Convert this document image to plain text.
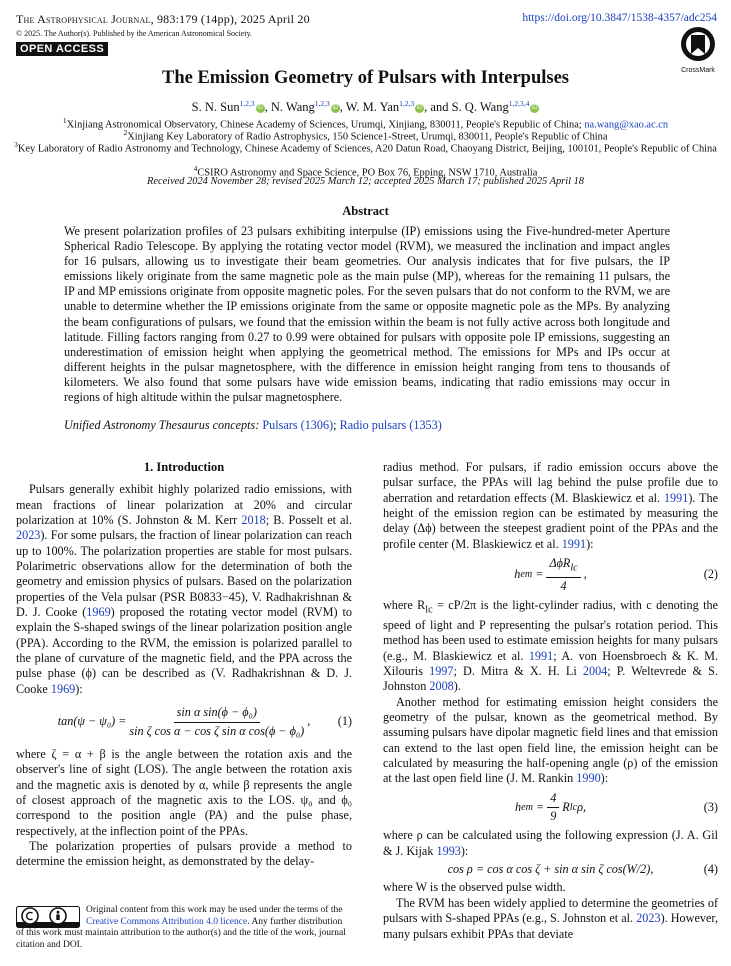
The Astrophysical Journal, 983:179 (14pp), 2025 April 20	https://doi.org/10.3847/1538-4357/adc254
© 2025. The Author(s). Published by the American Astronomical Society.
OPEN ACCESS
CrossMark
The Emission Geometry of Pulsars with Interpulses
S. N. Sun$^{1,2,3}$iD , N. Wang$^{1,2,3}$iD , W. M. Yan$^{1,2,3}$iD , and S. Q. Wang$^{1,2,3,4}$iD
$^1$Xinjiang Astronomical Observatory, Chinese Academy of Sciences, Urumqi, Xinjiang, 830011, People's Republic of China; na.wang@xao.ac.cn
$^2$Xinjiang Key Laboratory of Radio Astrophysics, 150 Science1-Street, Urumqi, 830011, People's Republic of China
$^3$Key Laboratory of Radio Astronomy and Technology, Chinese Academy of Sciences, A20 Datun Road, Chaoyang District, Beijing, 100101, People's Republic of China
$^4$CSIRO Astronomy and Space Science, PO Box 76, Epping, NSW 1710, Australia
Received 2024 November 28; revised 2025 March 12; accepted 2025 March 17; published 2025 April 18
Abstract
We present polarization profiles of 23 pulsars exhibiting interpulse (IP) emissions using the Five-hundred-meter Aperture Spherical Radio Telescope. By applying the rotating vector model (RVM), we measured the inclination and impact angles for 16 pulsars, allowing us to investigate their beam geometries. Our analysis indicates that for five pulsars, the IP emissions likely originate from the same magnetic pole as the main pulse (MP), whereas for the remaining 11 pulsars, the IP and MP emissions originate from opposite magnetic poles. For the seven pulsars that do not conform to the RVM, we are unable to determine whether the IP emissions originate from the same or opposite magnetic pole as the MPs. By analyzing the beam configurations of pulsars, we found that the emission within the beam is not fully active across both longitude and latitude. Filling factors ranging from 0.27 to 0.99 were obtained for pulsars with opposite pole IP emissions, suggesting an underestimation of emission height when applying the geometrical method. The emissions for MPs and IPs occur at different heights in the pulsar magnetosphere, with the difference in emission height ranging from tens to thousands of kilometers. We also found that some pulsars have wide emission beams, indicating that radio emissions may occur in regions of high altitude within the pulsar magnetosphere.
Unified Astronomy Thesaurus concepts: Pulsars (1306); Radio pulsars (1353)
1. Introduction

Pulsars generally exhibit highly polarized radio emissions, with mean fractions of linear polarization at 20% and circular polarization at 10% (S. Johnston & M. Kerr 2018; B. Posselt et al. 2023). For some pulsars, the fraction of linear polarization can reach up to 100%. The polarization properties are stable for most pulsars. Polarimetric observations allow for the determination of both the geometry and emission physics of pulsars. Based on the polarization properties of the Vela pulsar (PSR B0833−45), V. Radhakrishnan & D. J. Cooke (1969) proposed the rotating vector model (RVM) to explain the S-shaped swings of the linear polarization position angle (PPA). According to the RVM, the emission is polarized parallel to the plane of curvature of the magnetic field, and the PPA across the pulse phase (ϕ) can be described as (V. Radhakrishnan & D. J. Cooke 1969):

$\tan(\psi - \psi_0) = \frac{\text{sin α sin(ϕ − ϕ₀)}}{\text{sin ζ cos α − cos ζ sin α cos(ϕ − ϕ₀)}}$ , (1)

where ζ = α + β is the angle between the rotation axis and the observer's line of sight (LOS). The angle between the rotation axis and the magnetic axis is denoted by α, while β represents the angle of closest approach of the magnetic axis to the LOS. ψ₀ and ϕ₀ correspond to the position angle (PA) and the pulse phase, respectively, at the inflection point of the PPAs.

The polarization properties of pulsars provide a method to determine the emission height, as demonstrated by the delay-

radius method. For pulsars, if radio emission occurs above the pulsar surface, the PPAs will lag behind the pulse profile due to aberration and retardation effects (M. Blaskiewicz et al. 1991). The height of the emission region can be estimated by measuring the delay (Δϕ) between the steepest gradient point of the PPAs and the profile center (M. Blaskiewicz et al. 1991):

h em
= $\frac{\Delta\phi R_{lc}}{4}$ ,	(2)

where $R_{lc} = cP/2\pi$ is the light-cylinder radius, with c denoting the speed of light and P representing the pulsar's rotation period. This method has been used to estimate emission heights for many pulsars (e.g., M. Blaskiewicz et al. 1991; A. von Hoensbroech & K. M. Xilouris 1997; D. Mitra & X. H. Li 2004; P. Weltevrede & S. Johnston 2008).

Another method for estimating emission height considers the geometry of the pulsar, known as the geometrical method. By assuming pulsars have dipolar magnetic field lines and that emission can extend to the last open field line, the emission height can be calculated by measuring the half-opening angle (ρ) of the emission at the last open field line (J. M. Rankin 1990):

h em
= $\frac{4}{9}$ R lc ρ,	(3)

where ρ can be calculated using the following expression (J. A. Gil & J. Kijak 1993):

cos ρ = cos α cos ζ + sin α sin ζ cos(W/2),	(4)

where W is the observed pulse width.

The RVM has been widely applied to determine the geometries of pulsars with S-shaped PPAs (e.g., S. Johnston et al. 2023). However, many pulsars exhibit PPAs that deviate

Original content from this work may be used under the terms of the Creative Commons Attribution 4.0 licence. Any further distribution of this work must maintain attribution to the author(s) and the title of the work, journal citation and DOI.
